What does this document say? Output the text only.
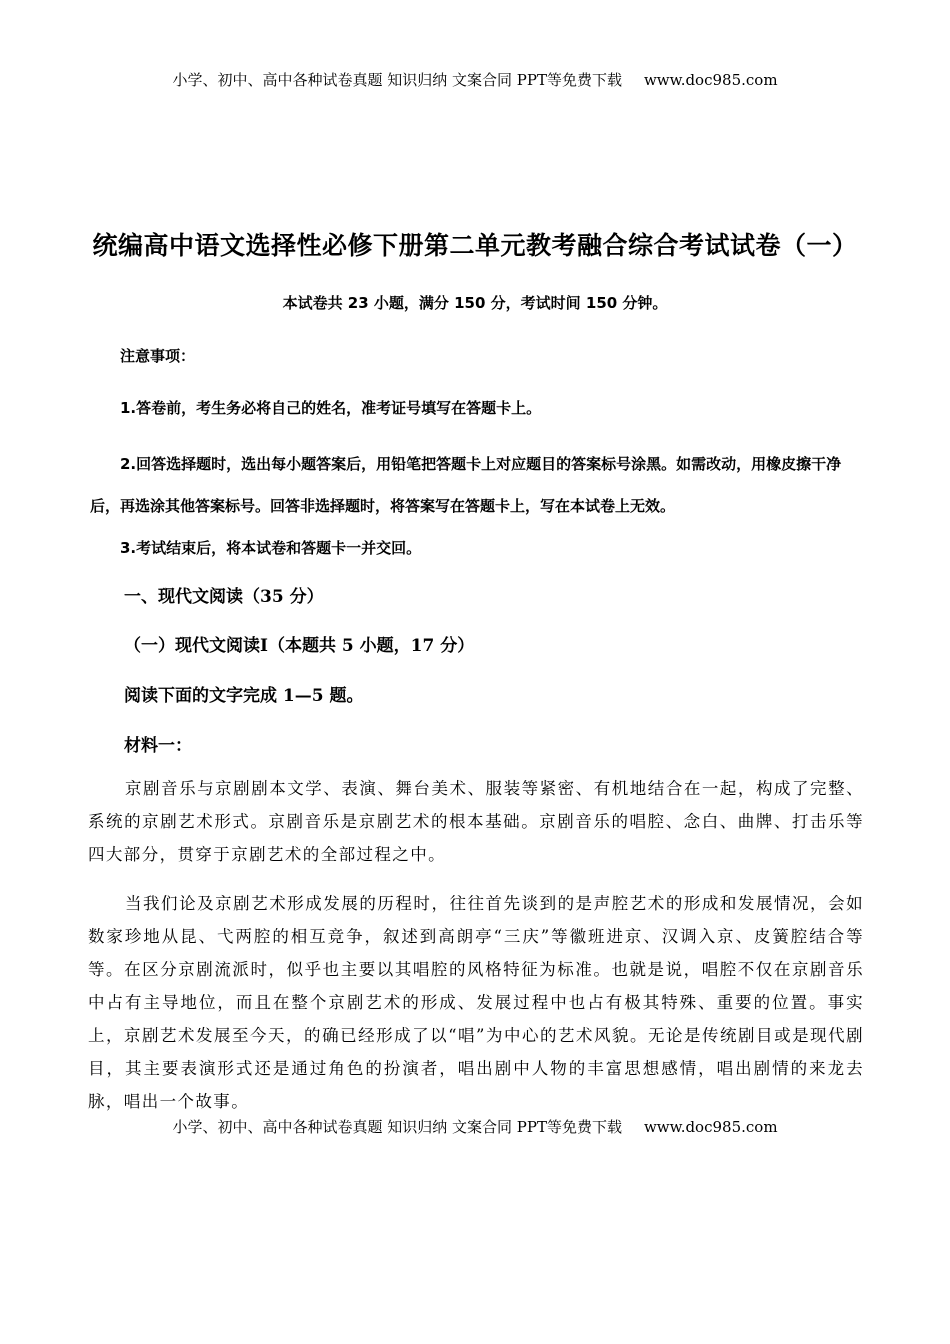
小学、初中、高中各种试卷真题 知识归纳 文案合同 PPT等免费下载 www.doc985.com
统编高中语文选择性必修下册第二单元教考融合综合考试试卷（一）
本试卷共 23 小题，满分 150 分，考试时间 150 分钟。
注意事项：
1.答卷前，考生务必将自己的姓名，准考证号填写在答题卡上。
2.回答选择题时，选出每小题答案后，用铅笔把答题卡上对应题目的答案标号涂黑。如需改动，用橡皮擦干净后，再选涂其他答案标号。回答非选择题时，将答案写在答题卡上，写在本试卷上无效。
3.考试结束后，将本试卷和答题卡一并交回。
一、现代文阅读（35 分）
（一）现代文阅读Ⅰ（本题共 5 小题，17 分）
阅读下面的文字完成 1—5 题。
材料一：
京剧音乐与京剧剧本文学、表演、舞台美术、服装等紧密、有机地结合在一起，构成了完整、系统的京剧艺术形式。京剧音乐是京剧艺术的根本基础。京剧音乐的唱腔、念白、曲牌、打击乐等四大部分，贯穿于京剧艺术的全部过程之中。
当我们论及京剧艺术形成发展的历程时，往往首先谈到的是声腔艺术的形成和发展情况，会如数家珍地从昆、弋两腔的相互竞争，叙述到高朗亭“三庆”等徽班进京、汉调入京、皮簧腔结合等等。在区分京剧流派时，似乎也主要以其唱腔的风格特征为标准。也就是说，唱腔不仅在京剧音乐中占有主导地位，而且在整个京剧艺术的形成、发展过程中也占有极其特殊、重要的位置。事实上，京剧艺术发展至今天，的确已经形成了以“唱”为中心的艺术风貌。无论是传统剧目或是现代剧目，其主要表演形式还是通过角色的扮演者，唱出剧中人物的丰富思想感情，唱出剧情的来龙去脉，唱出一个故事。
小学、初中、高中各种试卷真题 知识归纳 文案合同 PPT等免费下载 www.doc985.com
